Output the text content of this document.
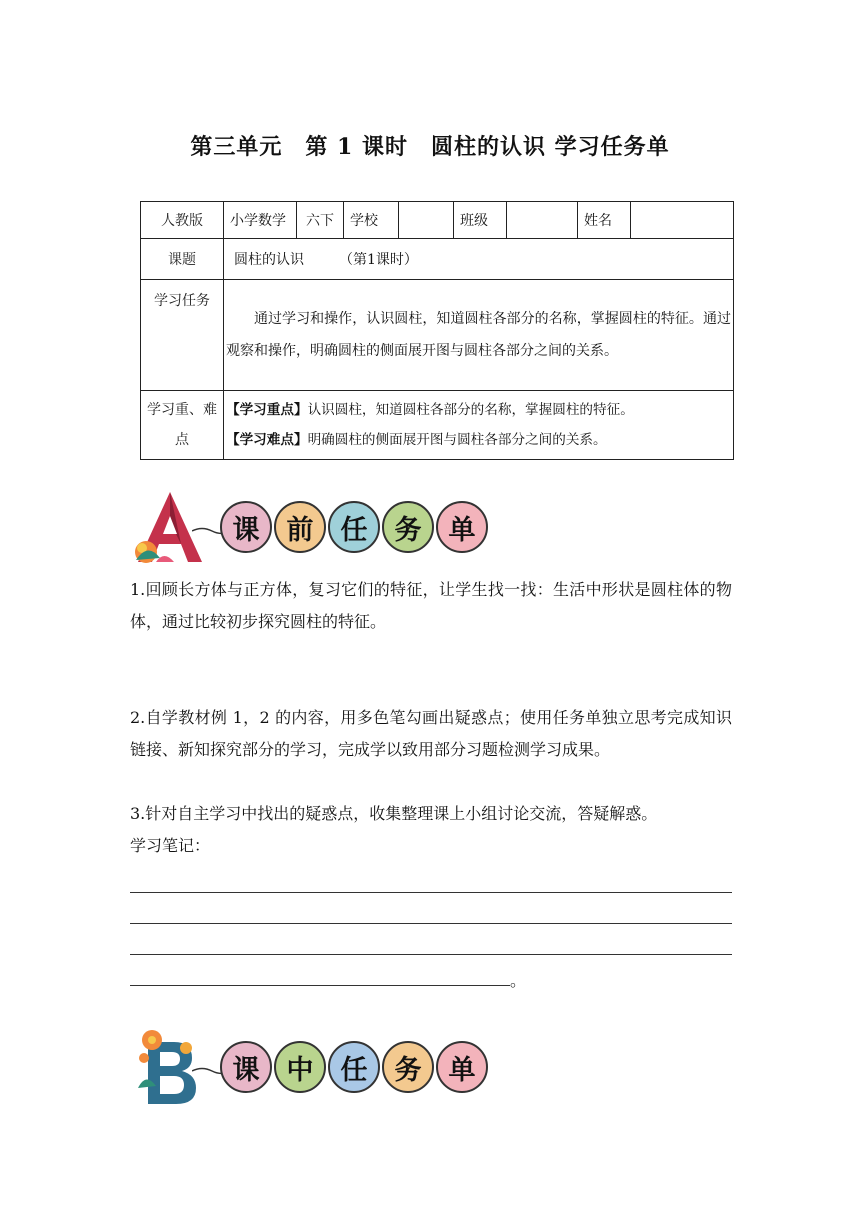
第三单元　第 1 课时　圆柱的认识 学习任务单
人教版	小学数学	六下	学校		班级		姓名	
课题	圆柱的认识　　　（第1课时）							
学习任务	通过学习和操作，认识圆柱，知道圆柱各部分的名称，掌握圆柱的特征。通过观察和操作，明确圆柱的侧面展开图与圆柱各部分之间的关系。							

学习重、难点	【学习重点】认识圆柱，知道圆柱各部分的名称，掌握圆柱的特征。
【学习难点】明确圆柱的侧面展开图与圆柱各部分之间的关系。							
课	前	任	务	单
1.回顾长方体与正方体，复习它们的特征，让学生找一找：生活中形状是圆柱体的物体，通过比较初步探究圆柱的特征。
2.自学教材例 1，2 的内容，用多色笔勾画出疑惑点；使用任务单独立思考完成知识链接、新知探究部分的学习，完成学以致用部分习题检测学习成果。
3.针对自主学习中找出的疑惑点，收集整理课上小组讨论交流，答疑解惑。
学习笔记：
。
课	中	任	务	单
